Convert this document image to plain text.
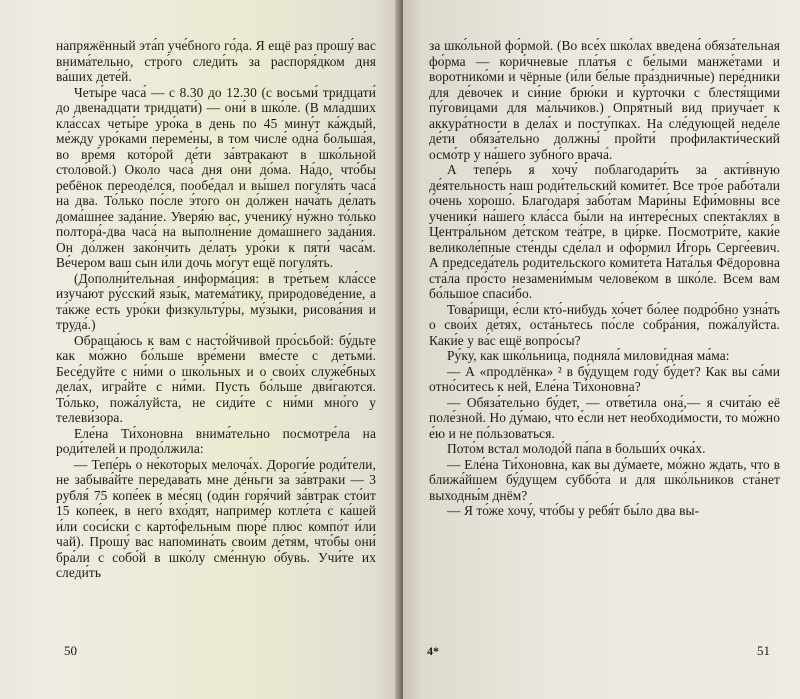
напряжённый эта́п уче́бного го́да. Я ещё раз прошу́ вас внима́тельно, стро́го следи́ть за распоря́дком дня ва́ших дете́й.

Четы́ре часа́ — с 8.30 до 12.30 (с восьми́ тридцати́ до двена́дцати тридцати́) — они́ в шко́ле. (В мла́дших кла́ссах четы́ре уро́ка в день по 45 мину́т ка́ждый, ме́жду уро́ками переме́ны, в том числе́ одна́ больша́я, во вре́мя кото́рой де́ти за́втракают в шко́льной столо́вой.) Около часа́ дня они́ до́ма. На́до, что́бы ребёнок переоде́лся, пообе́дал и вы́шел погуля́ть часа́ на два. То́лько по́сле э́того он до́лжен нача́ть де́лать дома́шнее зада́ние. Уверя́ю вас, ученику́ ну́жно то́лько полтора́-два часа́ на выполне́ние дома́шнего зада́ния. Он до́лжен зако́нчить де́лать уро́ки к пяти́ часа́м. Ве́чером ваш сын и́ли дочь мо́гут ещё погуля́ть.

(Дополни́тельная информа́ция: в тре́тьем кла́ссе изуча́ют ру́сский язы́к, матема́тику, природове́дение, а та́кже есть уро́ки физкульту́ры, му́зыки, рисова́ния и труда́.)

Обраща́юсь к вам с насто́йчивой про́сьбой: бу́дьте как мо́жно бо́льше вре́мени вме́сте с детьми́. Бесе́дуйте с ни́ми о шко́льных и о свои́х служе́бных дела́х, игра́йте с ни́ми. Пусть бо́льше дви́гаются. То́лько, пожа́луйста, не сиди́те с ни́ми мно́го у телеви́зора.

Еле́на Ти́хоновна внима́тельно посмотре́ла на роди́телей и продо́лжила:

— Тепе́рь о не́которых мелоча́х. Дороги́е роди́тели, не забыва́йте передава́ть мне де́ньги за за́втраки — 3 рубля́ 75 копе́ек в ме́сяц (оди́н горя́чий за́втрак сто́ит 15 копе́ек, в него́ вхо́дят, наприме́р котле́та с ка́шей и́ли соси́ски с карто́фельным пюре́ плюс компо́т и́ли чай). Прошу́ вас напомина́ть свои́м де́тям, что́бы они́ бра́ли с собо́й в шко́лу сме́нную о́бувь. Учи́те их следи́ть

50

за шко́льной фо́рмой. (Во все́х шко́лах введена́ обяза́тельная фо́рма — кори́чневые пла́тья с бе́лыми манже́тами и воротнико́ми и чёрные (и́ли бе́лые пра́здничные) пере́дники для де́вочек и си́ние брю́ки и ку́рточки с блестя́щими пу́говицами для ма́льчиков.) Опря́тный вид приуча́ет к аккура́тности в дела́х и посту́пках. На сле́дующей неде́ле де́ти обяза́тельно должны́ пройти́ профилакти́ческий осмо́тр у на́шего зубно́го врача́.

А тепе́рь я хочу́ поблагодари́ть за акти́вную де́ятельность наш роди́тельский комите́т. Все тро́е рабо́тали о́чень хорошо́. Благодаря́ забо́там Мари́ны Ефи́мовны все ученики́ на́шего кла́сса бы́ли на интере́сных спекта́клях в Центра́льном де́тском теа́тре, в ци́рке. Посмотри́те, каки́е великоле́пные сте́нды сде́лал и офо́рмил И́горь Серге́евич. А председа́тель роди́тельского комите́та Ната́лья Фёдоровна ста́ла про́сто незамени́мым челове́ком в шко́ле. Всем вам бо́льшое спаси́бо.

Това́рищи, е́сли кто́-нибудь хо́чет бо́лее подро́бно узна́ть о свои́х де́тях, оста́ньтесь по́сле собра́ния, пожа́луйста. Каки́е у ва́с ещё вопро́сы?

Ру́ку, как шко́льница, подняла́ милови́дная ма́ма:

— А «продлёнка» ² в бу́дущем году́ бу́дет? Как вы са́ми отно́ситесь к ней, Еле́на Ти́хоновна?

— Обяза́тельно бу́дет, — отве́тила она́,— я счита́ю её поле́зной. Но ду́маю, что е́сли нет необходи́мости, то мо́жно е́ю и не по́льзоваться.

Пото́м встал молодо́й па́па в больши́х очка́х.

— Еле́на Ти́хоновна, как вы ду́маете, мо́жно ждать, что в ближа́йшем бу́дущем суббо́та и для шко́льников ста́нет выходны́м днём?

— Я то́же хочу́, что́бы у ребя́т бы́ло два вы-

4*	51
